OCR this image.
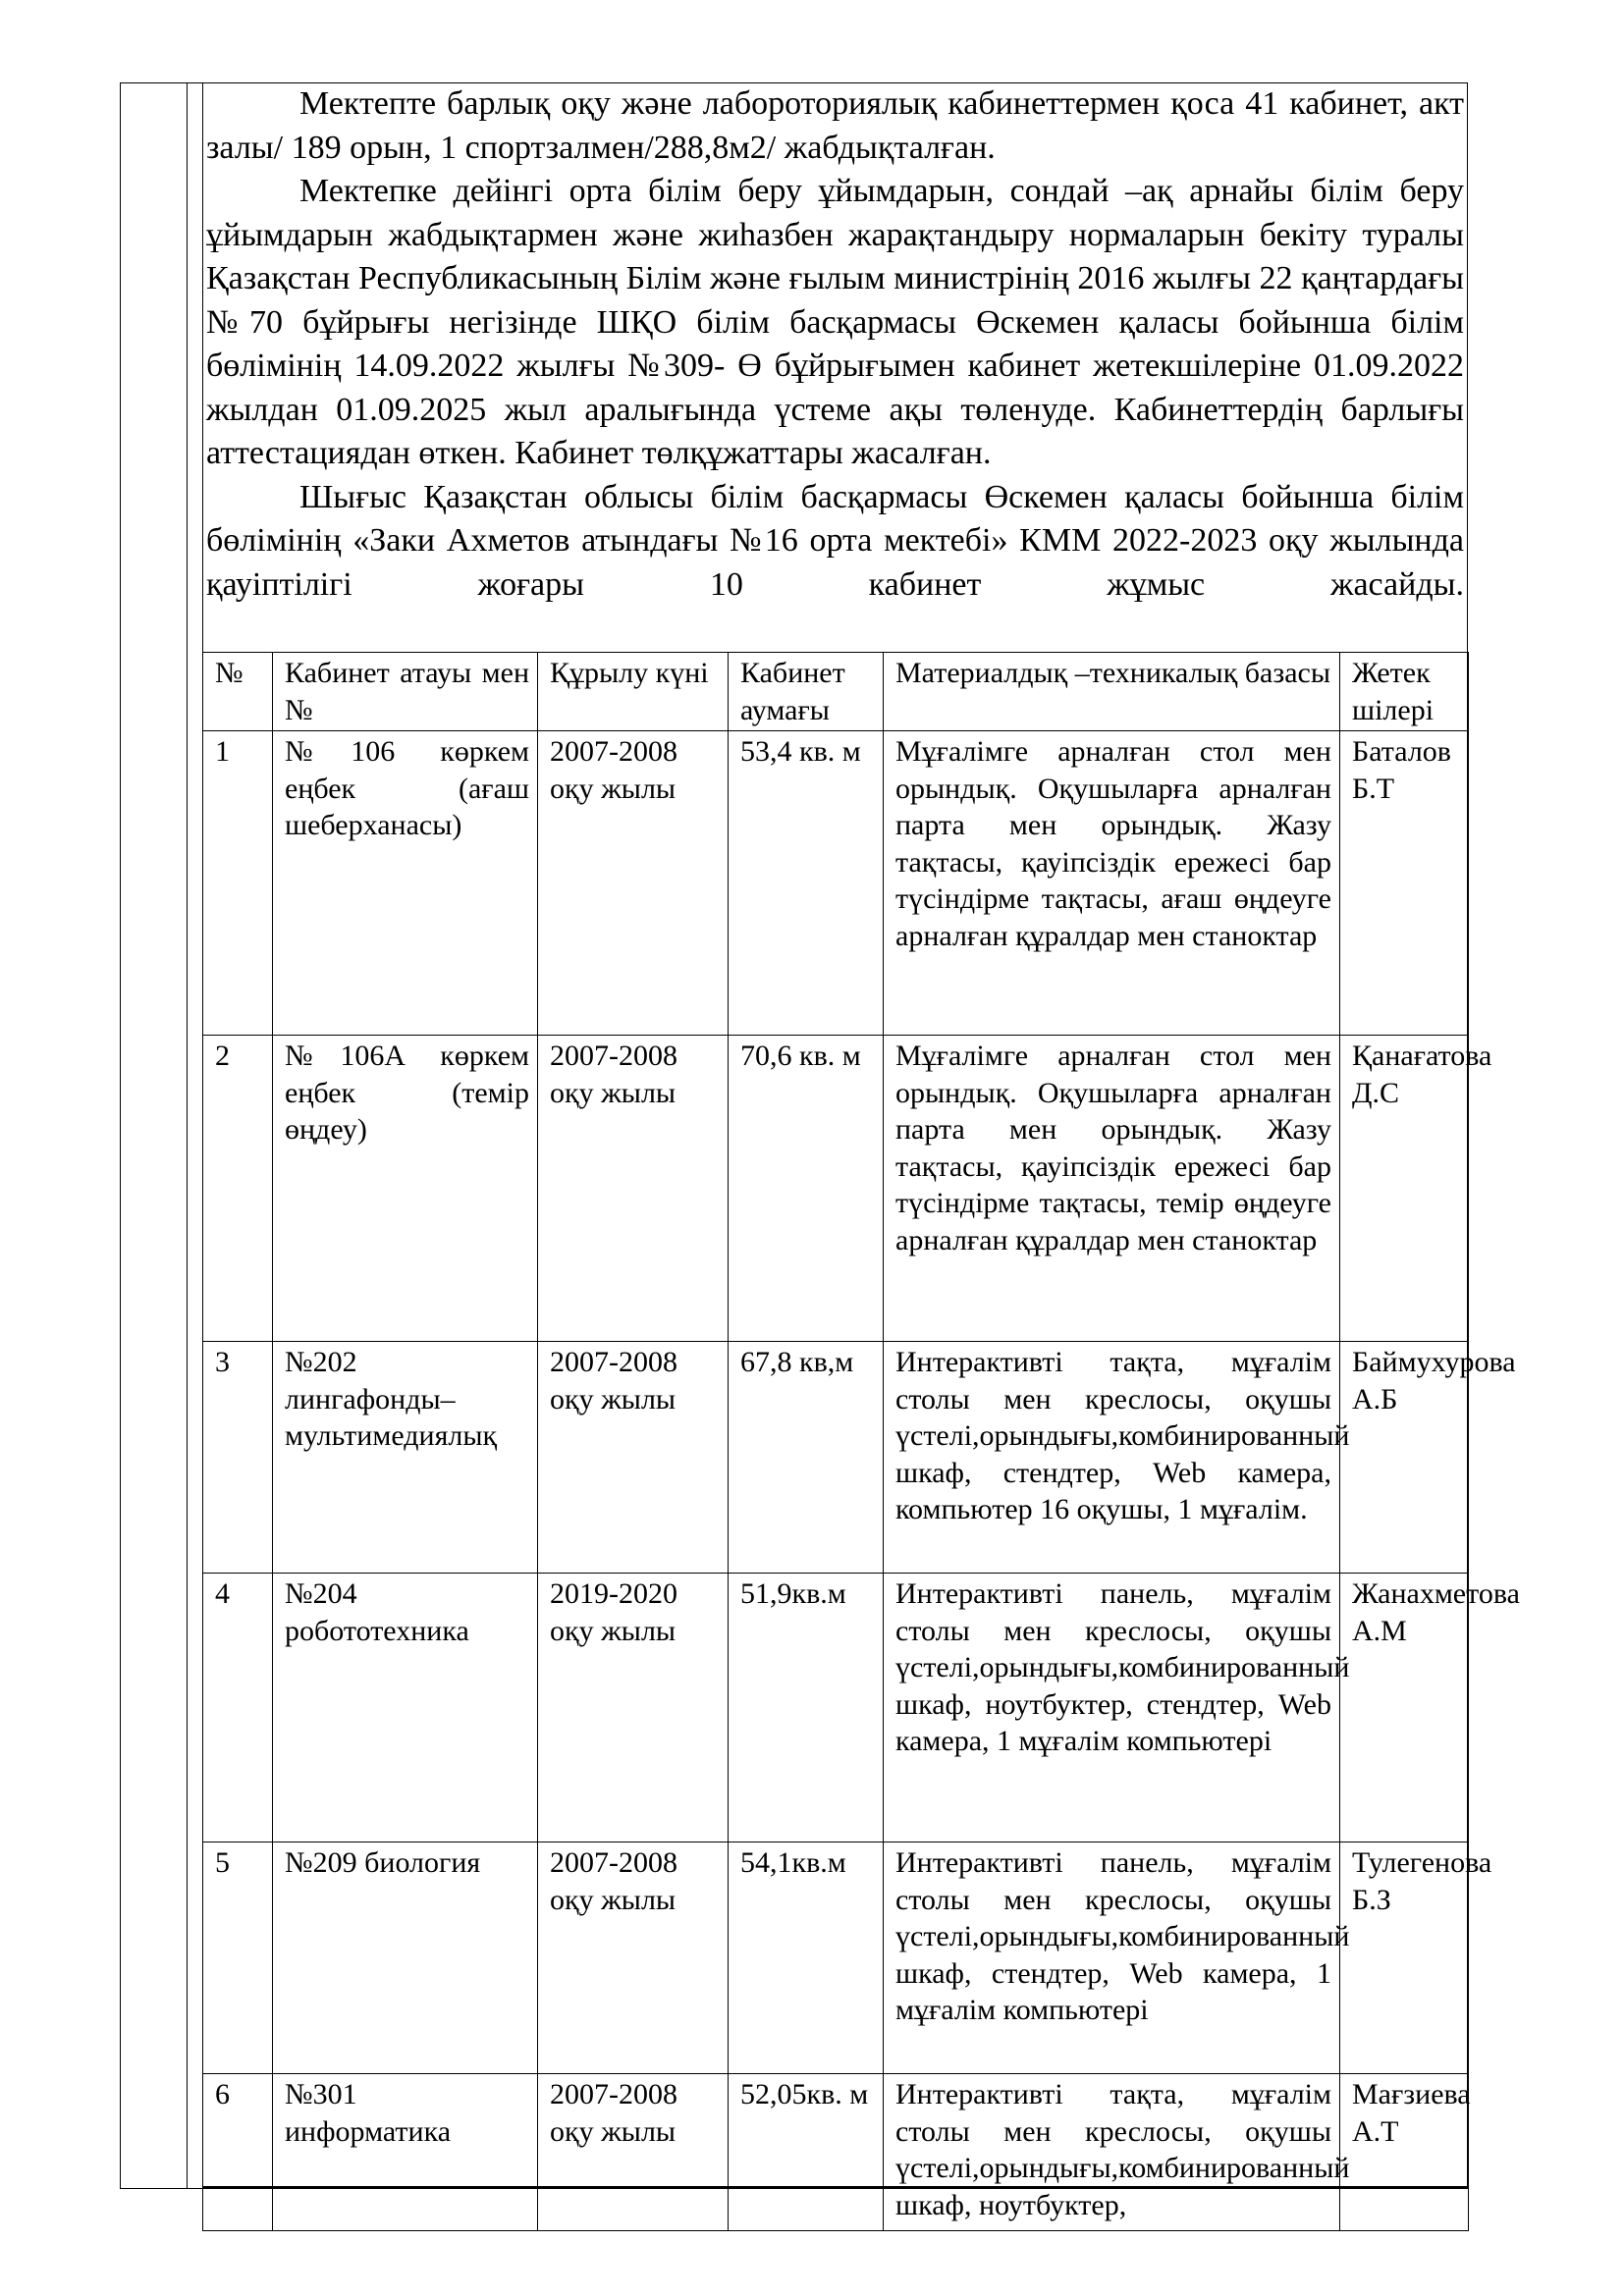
Мектепте барлық оқу және лабороториялық кабинеттермен қоса 41 кабинет, акт залы/ 189 орын, 1 спортзалмен/288,8м2/ жабдықталған.

Мектепке дейінгі орта білім беру ұйымдарын, сондай –ақ арнайы білім беру ұйымдарын жабдықтармен және жиhазбен жарақтандыру нормаларын бекіту туралы Қазақстан Республикасының Білім және ғылым министрінің 2016 жылғы 22 қаңтардағы №70 бұйрығы негізінде ШҚО білім басқармасы Өскемен қаласы бойынша білім бөлімінің 14.09.2022 жылғы №309- Ө бұйрығымен кабинет жетекшілеріне 01.09.2022 жылдан 01.09.2025 жыл аралығында үстеме ақы төленуде. Кабинеттердің барлығы аттестациядан өткен. Кабинет төлқұжаттары жасалған.

Шығыс Қазақстан облысы білім басқармасы Өскемен қаласы бойынша білім бөлімінің «Заки Ахметов атындағы №16 орта мектебі» КММ 2022-2023 оқу жылында қауіптілігі жоғары 10 кабинет жұмыс жасайды.

№	Кабинет атауы мен №	Құрылу күні	Кабинет аумағы	Материалдық –техникалық базасы	Жетек шілері
1	№106 көркем еңбек (ағаш шеберханасы)	2007-2008 оқу жылы	53,4 кв. м	Мұғалімге арналған стол мен орындық. Оқушыларға арналған парта мен орындық. Жазу тақтасы, қауіпсіздік ережесі бар түсіндірме тақтасы, ағаш өңдеуге арналған құралдар мен станоктар	Баталов Б.Т
2	№106А көркем еңбек (темір өңдеу)	2007-2008 оқу жылы	70,6 кв. м	Мұғалімге арналған стол мен орындық. Оқушыларға арналған парта мен орындық. Жазу тақтасы, қауіпсіздік ережесі бар түсіндірме тақтасы, темір өңдеуге арналған құралдар мен станоктар	Қанағатова Д.С
3	№202 лингафонды–мультимедиялық	2007-2008 оқу жылы	67,8 кв,м	Интерактивті тақта, мұғалім столы мен креслосы, оқушы үстелі,орындығы,комбинированный шкаф, стендтер, Web камера, компьютер 16 оқушы, 1 мұғалім.	Баймухурова А.Б
4	№204 робототехника	2019-2020 оқу жылы	51,9кв.м	Интерактивті панель, мұғалім столы мен креслосы, оқушы үстелі,орындығы,комбинированный шкаф, ноутбуктер, стендтер, Web камера, 1 мұғалім компьютері	Жанахметова А.М
5	№209 биология	2007-2008 оқу жылы	54,1кв.м	Интерактивті панель, мұғалім столы мен креслосы, оқушы үстелі,орындығы,комбинированный шкаф, стендтер, Web камера, 1 мұғалім компьютері	Тулегенова Б.З
6	№301 информатика	2007-2008 оқу жылы	52,05кв. м	Интерактивті тақта, мұғалім столы мен креслосы, оқушы үстелі,орындығы,комбинированный шкаф, ноутбуктер,	Мағзиева А.Т
